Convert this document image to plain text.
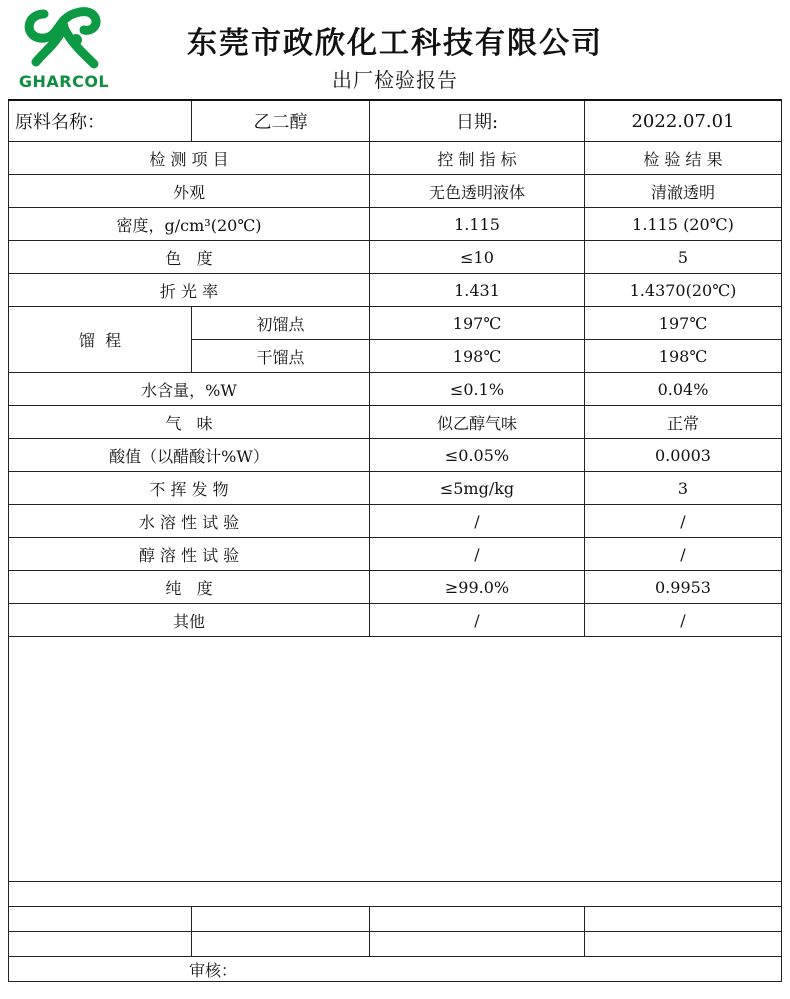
GHARCOL
东莞市政欣化工科技有限公司
出厂检验报告
原料名称：	乙二醇	日期:	2022.07.01
检 测 项 目		控 制 指 标	检 验 结 果
外观		无色透明液体	清澈透明
密度，g/cm³(20℃)		1.115	1.115 (20℃)
色   度		≤10	5
折 光 率		1.431	1.4370(20℃)
馏  程	初馏点	197℃	197℃
	干馏点	198℃	198℃
水含量，%W		≤0.1%	0.04%
气   味		似乙醇气味	正常
酸值（以醋酸计%W）		≤0.05%	0.0003
不 挥 发 物		≤5mg/kg	3
水 溶 性 试 验		/	/
醇 溶 性 试 验		/	/
纯   度		≥99.0%	0.9953
其他		/	/

审核：			
